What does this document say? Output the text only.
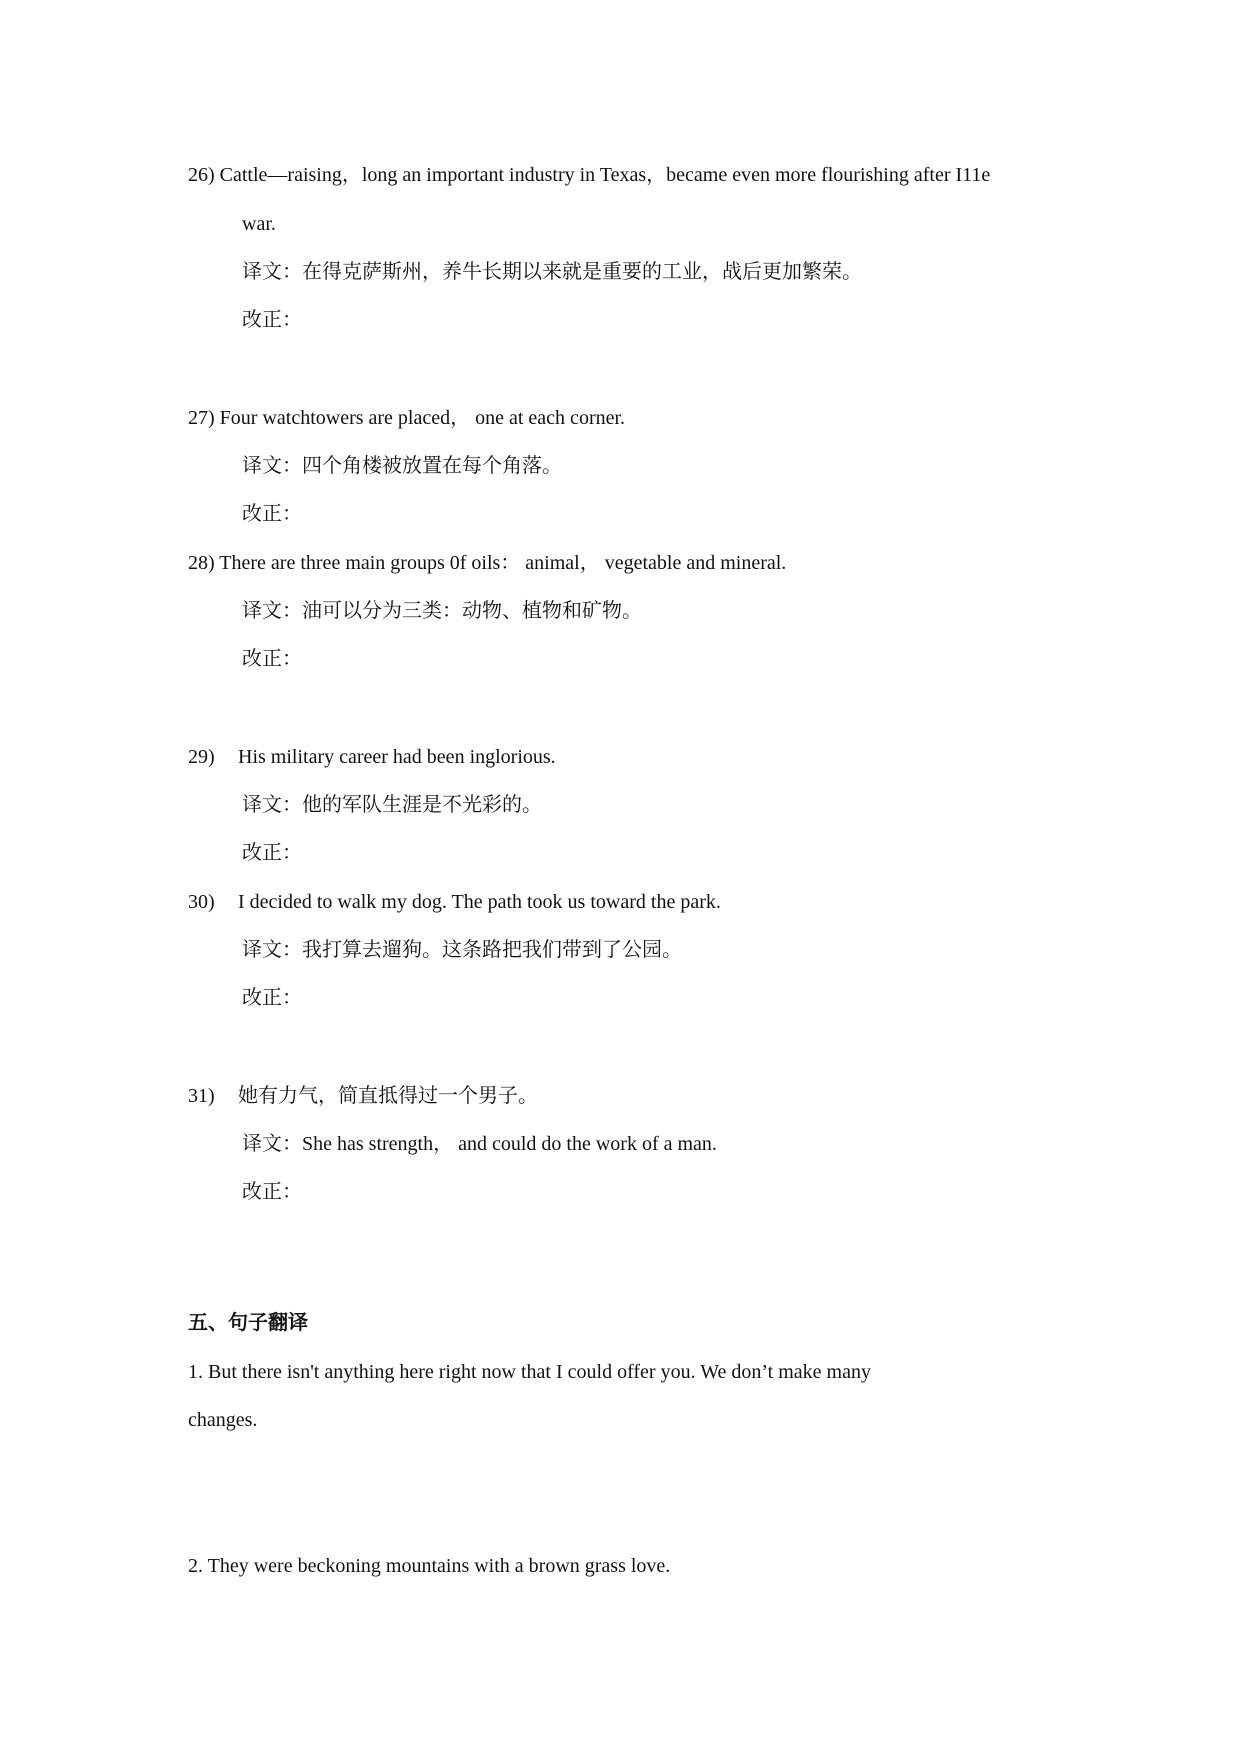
26) Cattle—raising，long an important industry in Texas，became even more flourishing after I11e
war.
译文：在得克萨斯州，养牛长期以来就是重要的工业，战后更加繁荣。
改正：
27) Four watchtowers are placed， one at each corner.
译文：四个角楼被放置在每个角落。
改正：
28) There are three main groups 0f oils： animal， vegetable and mineral.
译文：油可以分为三类：动物、植物和矿物。
改正：
29) His military career had been inglorious.
译文：他的军队生涯是不光彩的。
改正：
30) I decided to walk my dog. The path took us toward the park.
译文：我打算去遛狗。这条路把我们带到了公园。
改正：
31) 她有力气，简直抵得过一个男子。
译文：She has strength， and could do the work of a man.
改正：
五、句子翻译
1. But there isn't anything here right now that I could offer you. We don’t make many
changes.
2. They were beckoning mountains with a brown grass love.
